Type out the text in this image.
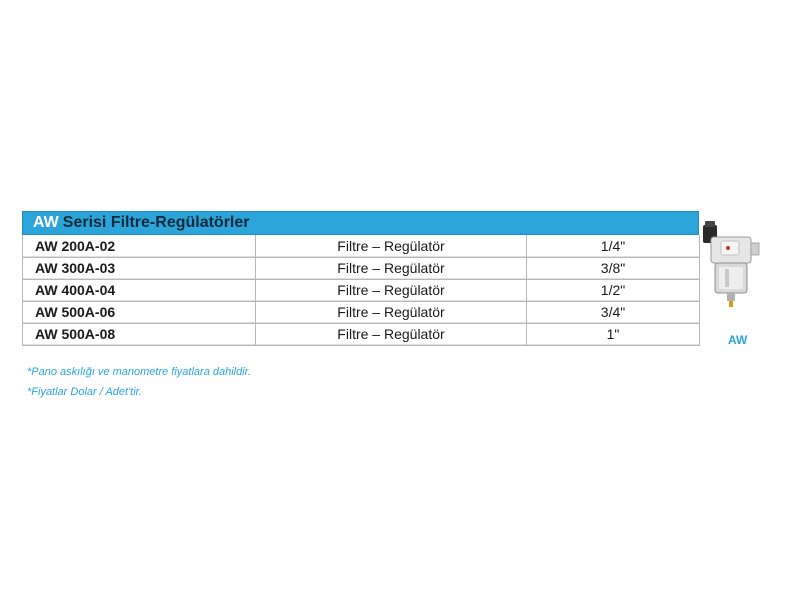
AW Serisi Filtre-Regülatörler
AW 200A-02	Filtre – Regülatör	1/4"
AW 300A-03	Filtre – Regülatör	3/8"
AW 400A-04	Filtre – Regülatör	1/2"
AW 500A-06	Filtre – Regülatör	3/4"
AW 500A-08	Filtre – Regülatör	1"
*Pano askılığı ve manometre fiyatlara dahildir.
*Fiyatlar Dolar / Adet'tir.
AW
